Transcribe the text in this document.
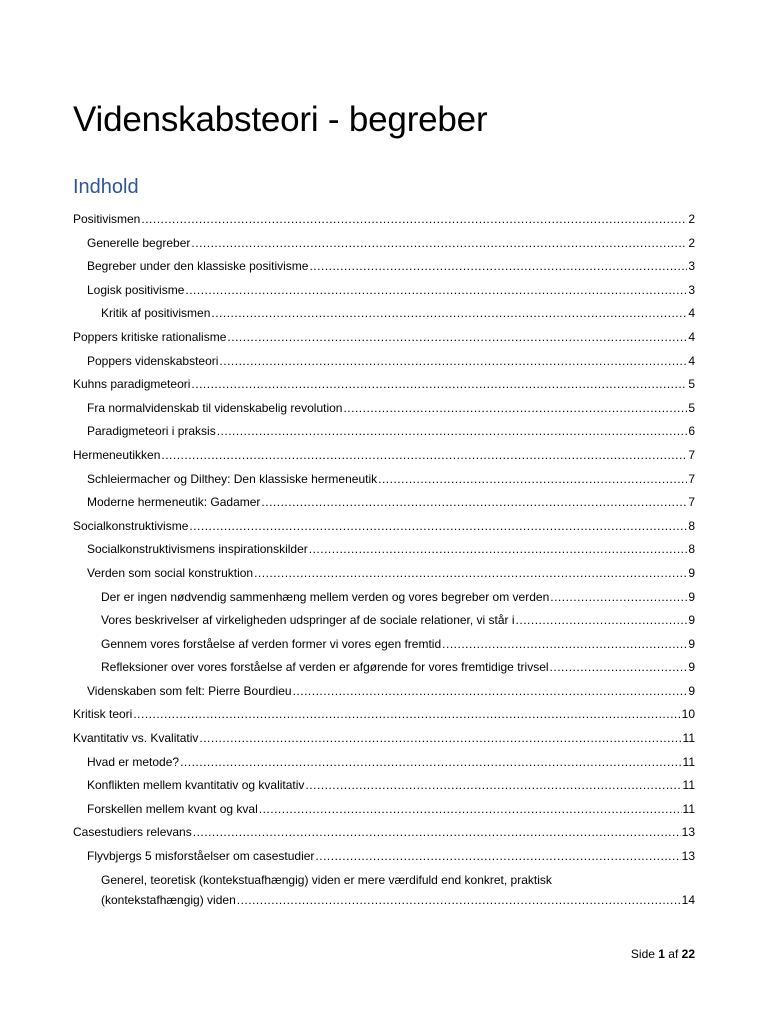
Videnskabsteori - begreber
Indhold
Positivismen .....	2
Generelle begreber .....	2
Begreber under den klassiske positivisme .....	3
Logisk positivisme .....	3
Kritik af positivismen .....	4
Poppers kritiske rationalisme .....	4
Poppers videnskabsteori .....	4
Kuhns paradigmeteori .....	5
Fra normalvidenskab til videnskabelig revolution .....	5
Paradigmeteori i praksis .....	6
Hermeneutikken .....	7
Schleiermacher og Dilthey: Den klassiske hermeneutik .....	7
Moderne hermeneutik: Gadamer .....	7
Socialkonstruktivisme .....	8
Socialkonstruktivismens inspirationskilder .....	8
Verden som social konstruktion .....	9
Der er ingen nødvendig sammenhæng mellem verden og vores begreber om verden .....	9
Vores beskrivelser af virkeligheden udspringer af de sociale relationer, vi står i .....	9
Gennem vores forståelse af verden former vi vores egen fremtid .....	9
Refleksioner over vores forståelse af verden er afgørende for vores fremtidige trivsel .....	9
Videnskaben som felt: Pierre Bourdieu .....	9
Kritisk teori .....	10
Kvantitativ vs. Kvalitativ .....	11
Hvad er metode? .....	11
Konflikten mellem kvantitativ og kvalitativ .....	11
Forskellen mellem kvant og kval .....	11
Casestudiers relevans .....	13
Flyvbjergs 5 misforståelser om casestudier .....	13
Generel, teoretisk (kontekstuafhængig) viden er mere værdifuld end konkret, praktisk
(kontekstafhængig) viden .....	14
Side 1 af 22
